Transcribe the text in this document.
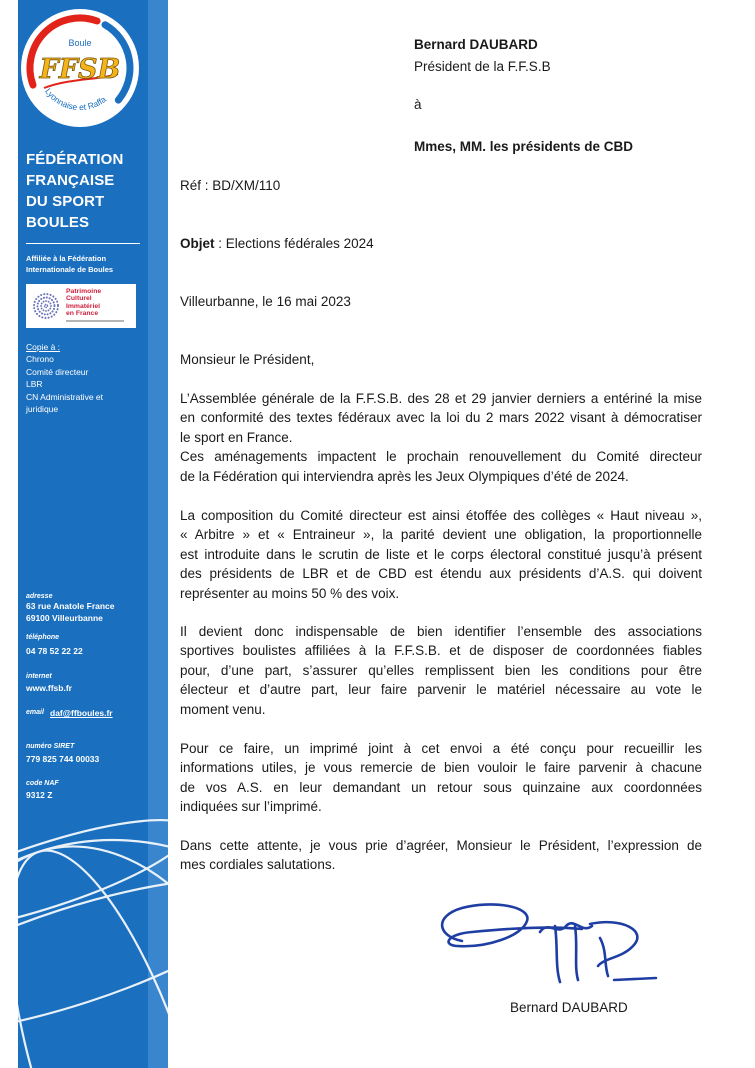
Boule
FFSB
Lyonnaise et Raffa
FÉDÉRATION
FRANÇAISE
DU SPORT
BOULES
Affiliée à la Fédération
Internationale de Boules
Patrimoine
Culturel
Immatériel
en France
Copie à :
Chrono
Comité directeur
LBR
CN Administrative et juridique
adresse
63 rue Anatole France
69100 Villeurbanne
téléphone
04 78 52 22 22
internet
www.ffsb.fr
email daf@ffboules.fr
numéro SIRET
779 825 744 00033
code NAF
9312 Z
Bernard DAUBARD
Président de la F.F.S.B
à
Mmes, MM. les présidents de CBD
Réf : BD/XM/110
Objet : Elections fédérales 2024
Villeurbanne, le 16 mai 2023
Monsieur le Président,
L’Assemblée générale de la F.F.S.B. des 28 et 29 janvier derniers a entériné la mise
en conformité des textes fédéraux avec la loi du 2 mars 2022 visant à démocratiser
le sport en France.
Ces aménagements impactent le prochain renouvellement du Comité directeur
de la Fédération qui interviendra après les Jeux Olympiques d’été de 2024.
La composition du Comité directeur est ainsi étoffée des collèges « Haut niveau »,
« Arbitre » et « Entraineur », la parité devient une obligation, la proportionnelle
est introduite dans le scrutin de liste et le corps électoral constitué jusqu’à présent
des présidents de LBR et de CBD est étendu aux présidents d’A.S. qui doivent
représenter au moins 50 % des voix.
Il devient donc indispensable de bien identifier l’ensemble des associations
sportives boulistes affiliées à la F.F.S.B. et de disposer de coordonnées fiables
pour, d’une part, s’assurer qu’elles remplissent bien les conditions pour être
électeur et d’autre part, leur faire parvenir le matériel nécessaire au vote le
moment venu.
Pour ce faire, un imprimé joint à cet envoi a été conçu pour recueillir les
informations utiles, je vous remercie de bien vouloir le faire parvenir à chacune
de vos A.S. en leur demandant un retour sous quinzaine aux coordonnées
indiquées sur l’imprimé.
Dans cette attente, je vous prie d’agréer, Monsieur le Président, l’expression de
mes cordiales salutations.
Bernard DAUBARD
